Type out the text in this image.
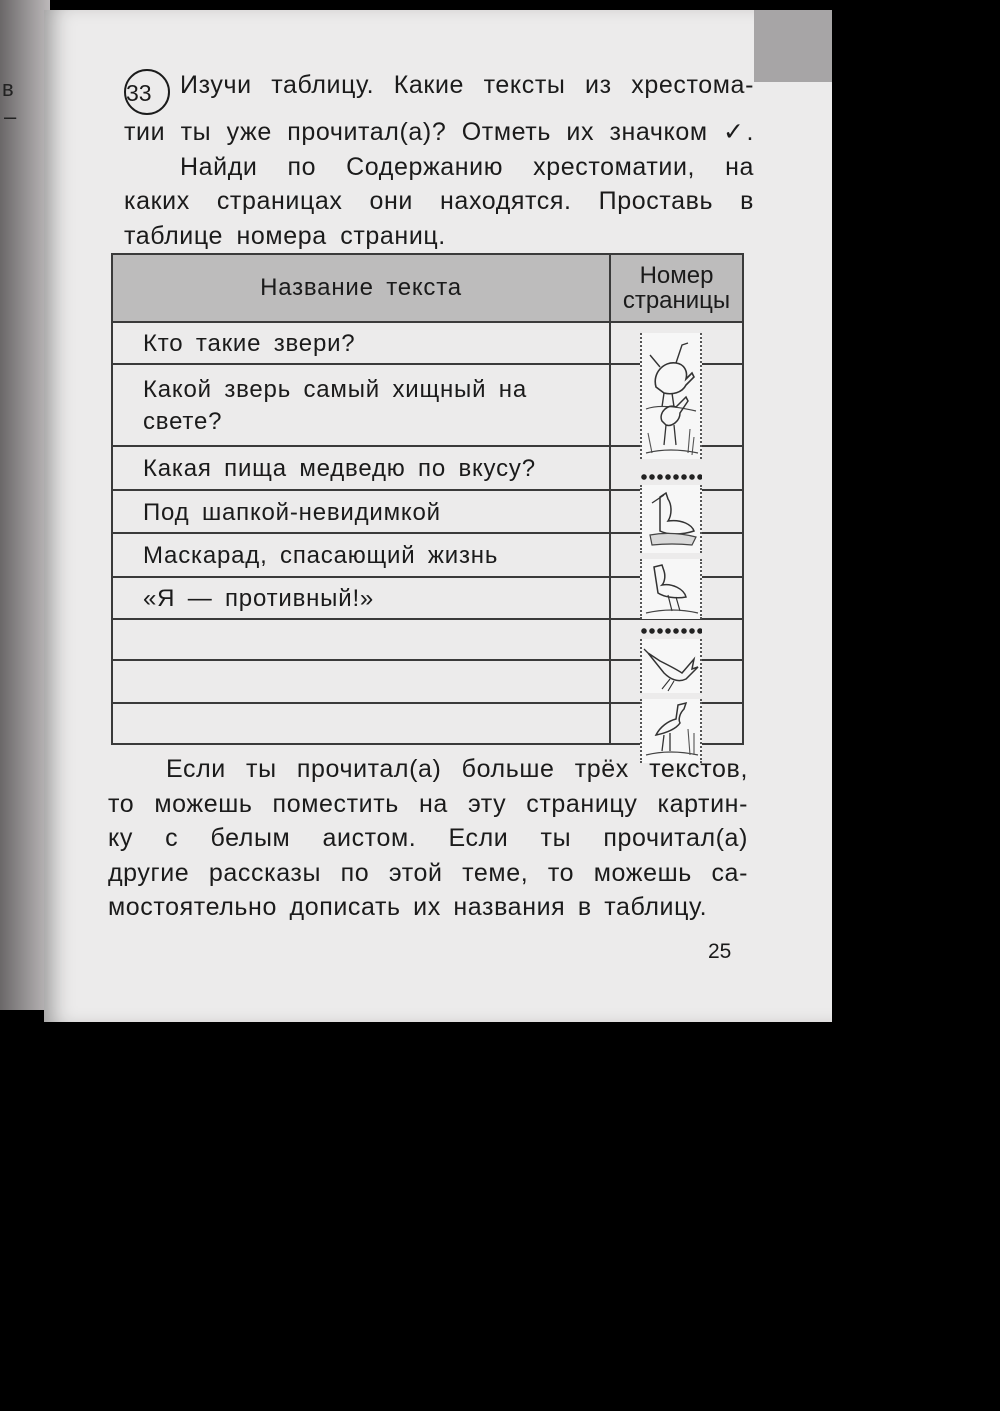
в
–

33 Изучи таблицу. Какие тексты из хрестома-

тии ты уже прочитал(а)? Отметь их значком ✓.

Найди по Содержанию хрестоматии, на

каких страницах они находятся. Проставь в

таблице номера страниц.

Название текста	Номер
страницы

Кто такие звери?	
Какой зверь самый хищный на свете?	
Какая пища медведю по вкусу?	
Под шапкой-невидимкой	
Маскарад, спасающий жизнь	
«Я — противный!»	

Если ты прочитал(а) больше трёх текстов,

то можешь поместить на эту страницу картин-

ку с белым аистом. Если ты прочитал(а)

другие рассказы по этой теме, то можешь са-

мостоятельно дописать их названия в таблицу.

25
